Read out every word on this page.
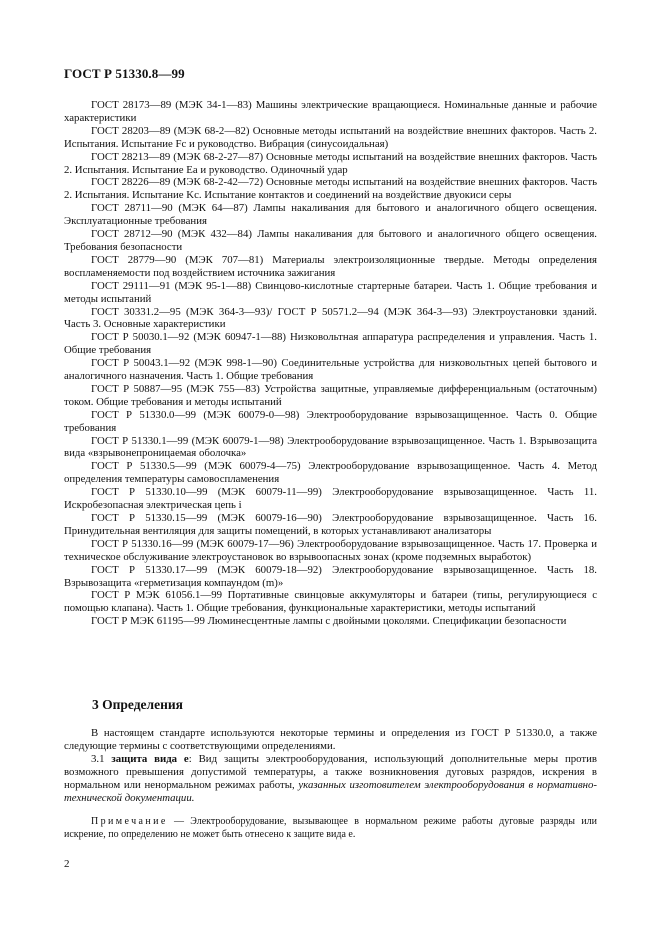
ГОСТ Р 51330.8—99

ГОСТ 28173—89 (МЭК 34-1—83) Машины электрические вращающиеся. Номинальные данные и рабочие характеристики

ГОСТ 28203—89 (МЭК 68-2—82) Основные методы испытаний на воздействие внешних факторов. Часть 2. Испытания. Испытание Fc и руководство. Вибрация (синусоидальная)

ГОСТ 28213—89 (МЭК 68-2-27—87) Основные методы испытаний на воздействие внешних факторов. Часть 2. Испытания. Испытание Ea и руководство. Одиночный удар

ГОСТ 28226—89 (МЭК 68-2-42—72) Основные методы испытаний на воздействие внешних факторов. Часть 2. Испытания. Испытание Kc. Испытание контактов и соединений на воздействие двуокиси серы

ГОСТ 28711—90 (МЭК 64—87) Лампы накаливания для бытового и аналогичного общего освещения. Эксплуатационные требования

ГОСТ 28712—90 (МЭК 432—84) Лампы накаливания для бытового и аналогичного общего освещения. Требования безопасности

ГОСТ 28779—90 (МЭК 707—81) Материалы электроизоляционные твердые. Методы определения воспламеняемости под воздействием источника зажигания

ГОСТ 29111—91 (МЭК 95-1—88) Свинцово-кислотные стартерные батареи. Часть 1. Общие требования и методы испытаний

ГОСТ 30331.2—95 (МЭК 364-3—93)/ ГОСТ Р 50571.2—94 (МЭК 364-3—93) Электроустановки зданий. Часть 3. Основные характеристики

ГОСТ Р 50030.1—92 (МЭК 60947-1—88) Низковольтная аппаратура распределения и управления. Часть 1. Общие требования

ГОСТ Р 50043.1—92 (МЭК 998-1—90) Соединительные устройства для низковольтных цепей бытового и аналогичного назначения. Часть 1. Общие требования

ГОСТ Р 50887—95 (МЭК 755—83) Устройства защитные, управляемые дифференциальным (остаточным) током. Общие требования и методы испытаний

ГОСТ Р 51330.0—99 (МЭК 60079-0—98) Электрооборудование взрывозащищенное. Часть 0. Общие требования

ГОСТ Р 51330.1—99 (МЭК 60079-1—98) Электрооборудование взрывозащищенное. Часть 1. Взрывозащита вида «взрывонепроницаемая оболочка»

ГОСТ Р 51330.5—99 (МЭК 60079-4—75) Электрооборудование взрывозащищенное. Часть 4. Метод определения температуры самовоспламенения

ГОСТ Р 51330.10—99 (МЭК 60079-11—99) Электрооборудование взрывозащищенное. Часть 11. Искробезопасная электрическая цепь i

ГОСТ Р 51330.15—99 (МЭК 60079-16—90) Электрооборудование взрывозащищенное. Часть 16. Принудительная вентиляция для защиты помещений, в которых устанавливают анализаторы

ГОСТ Р 51330.16—99 (МЭК 60079-17—96) Электрооборудование взрывозащищенное. Часть 17. Проверка и техническое обслуживание электроустановок во взрывоопасных зонах (кроме подземных выработок)

ГОСТ Р 51330.17—99 (МЭК 60079-18—92) Электрооборудование взрывозащищенное. Часть 18. Взрывозащита «герметизация компаундом (m)»

ГОСТ Р МЭК 61056.1—99 Портативные свинцовые аккумуляторы и батареи (типы, регулирующиеся с помощью клапана). Часть 1. Общие требования, функциональные характеристики, методы испытаний

ГОСТ Р МЭК 61195—99 Люминесцентные лампы с двойными цоколями. Спецификации безопасности

3 Определения

В настоящем стандарте используются некоторые термины и определения из ГОСТ Р 51330.0, а также следующие термины с соответствующими определениями.

3.1 защита вида е: Вид защиты электрооборудования, использующий дополнительные меры против возможного превышения допустимой температуры, а также возникновения дуговых разрядов, искрения в нормальном или ненормальном режимах работы, указанных изготовителем электрооборудования в нормативно-технической документации.

Примечание — Электрооборудование, вызывающее в нормальном режиме работы дуговые разряды или искрение, по определению не может быть отнесено к защите вида е.

2
